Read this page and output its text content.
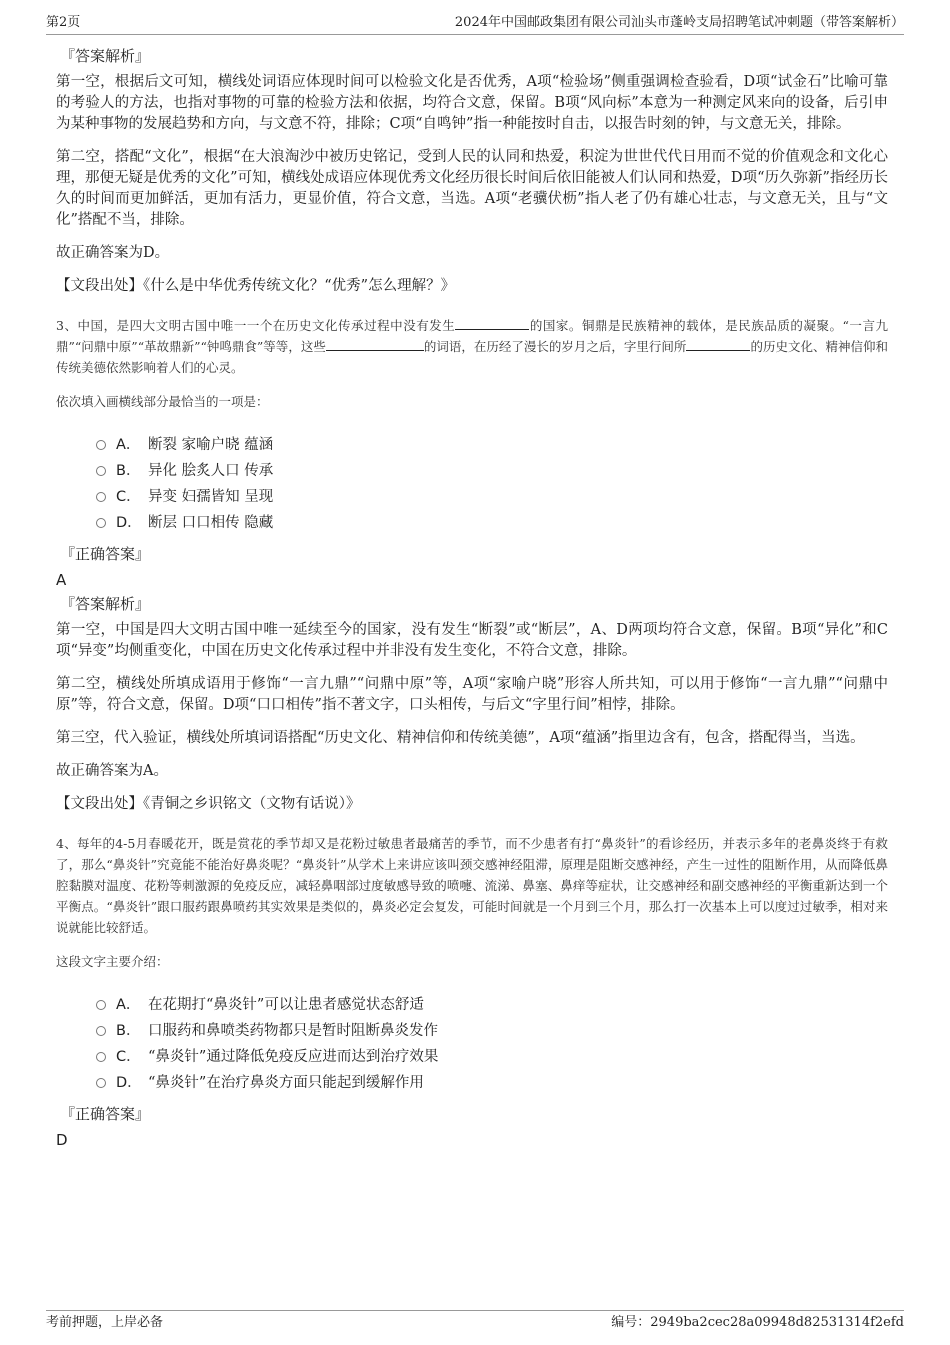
第2页	2024年中国邮政集团有限公司汕头市蓬岭支局招聘笔试冲刺题（带答案解析）
『答案解析』

第一空，根据后文可知，横线处词语应体现时间可以检验文化是否优秀，A项“检验场”侧重强调检查验看，D项“试金石”比喻可靠的考验人的方法，也指对事物的可靠的检验方法和依据，均符合文意，保留。B项“风向标”本意为一种测定风来向的设备，后引申为某种事物的发展趋势和方向，与文意不符，排除；C项“自鸣钟”指一种能按时自击，以报告时刻的钟，与文意无关，排除。

第二空，搭配“文化”，根据“在大浪淘沙中被历史铭记，受到人民的认同和热爱，积淀为世世代代日用而不觉的价值观念和文化心理，那便无疑是优秀的文化”可知，横线处成语应体现优秀文化经历很长时间后依旧能被人们认同和热爱，D项“历久弥新”指经历长久的时间而更加鲜活，更加有活力，更显价值，符合文意，当选。A项“老骥伏枥”指人老了仍有雄心壮志，与文意无关，且与“文化”搭配不当，排除。

故正确答案为D。

【文段出处】《什么是中华优秀传统文化？“优秀”怎么理解？》

3、中国，是四大文明古国中唯一一个在历史文化传承过程中没有发生	的国家。铜鼎是民族精神的载体，是民族品质的凝聚。“一言九鼎”“问鼎中原”“革故鼎新”“钟鸣鼎食”等等，这些	的词语，在历经了漫长的岁月之后，字里行间所	的历史文化、精神信仰和传统美德依然影响着人们的心灵。

依次填入画横线部分最恰当的一项是：

A． 断裂 家喻户晓 蕴涵
B． 异化 脍炙人口 传承
C． 异变 妇孺皆知 呈现
D． 断层 口口相传 隐藏
『正确答案』
A
『答案解析』

第一空，中国是四大文明古国中唯一延续至今的国家，没有发生“断裂”或“断层”，A、D两项均符合文意，保留。B项“异化”和C项“异变”均侧重变化，中国在历史文化传承过程中并非没有发生变化，不符合文意，排除。

第二空，横线处所填成语用于修饰“一言九鼎”“问鼎中原”等，A项“家喻户晓”形容人所共知，可以用于修饰“一言九鼎”“问鼎中原”等，符合文意，保留。D项“口口相传”指不著文字，口头相传，与后文“字里行间”相悖，排除。

第三空，代入验证，横线处所填词语搭配“历史文化、精神信仰和传统美德”，A项“蕴涵”指里边含有，包含，搭配得当，当选。

故正确答案为A。

【文段出处】《青铜之乡识铭文（文物有话说）》

4、每年的4-5月春暖花开，既是赏花的季节却又是花粉过敏患者最痛苦的季节，而不少患者有打“鼻炎针”的看诊经历，并表示多年的老鼻炎终于有救了，那么“鼻炎针”究竟能不能治好鼻炎呢？“鼻炎针”从学术上来讲应该叫颈交感神经阻滞，原理是阻断交感神经，产生一过性的阻断作用，从而降低鼻腔黏膜对温度、花粉等刺激源的免疫反应，减轻鼻咽部过度敏感导致的喷嚏、流涕、鼻塞、鼻痒等症状，让交感神经和副交感神经的平衡重新达到一个平衡点。“鼻炎针”跟口服药跟鼻喷药其实效果是类似的，鼻炎必定会复发，可能时间就是一个月到三个月，那么打一次基本上可以度过过敏季，相对来说就能比较舒适。

这段文字主要介绍：

A． 在花期打“鼻炎针”可以让患者感觉状态舒适
B． 口服药和鼻喷类药物都只是暂时阻断鼻炎发作
C． “鼻炎针”通过降低免疫反应进而达到治疗效果
D． “鼻炎针”在治疗鼻炎方面只能起到缓解作用
『正确答案』
D
考前押题，上岸必备	编号：2949ba2cec28a09948d82531314f2efd
